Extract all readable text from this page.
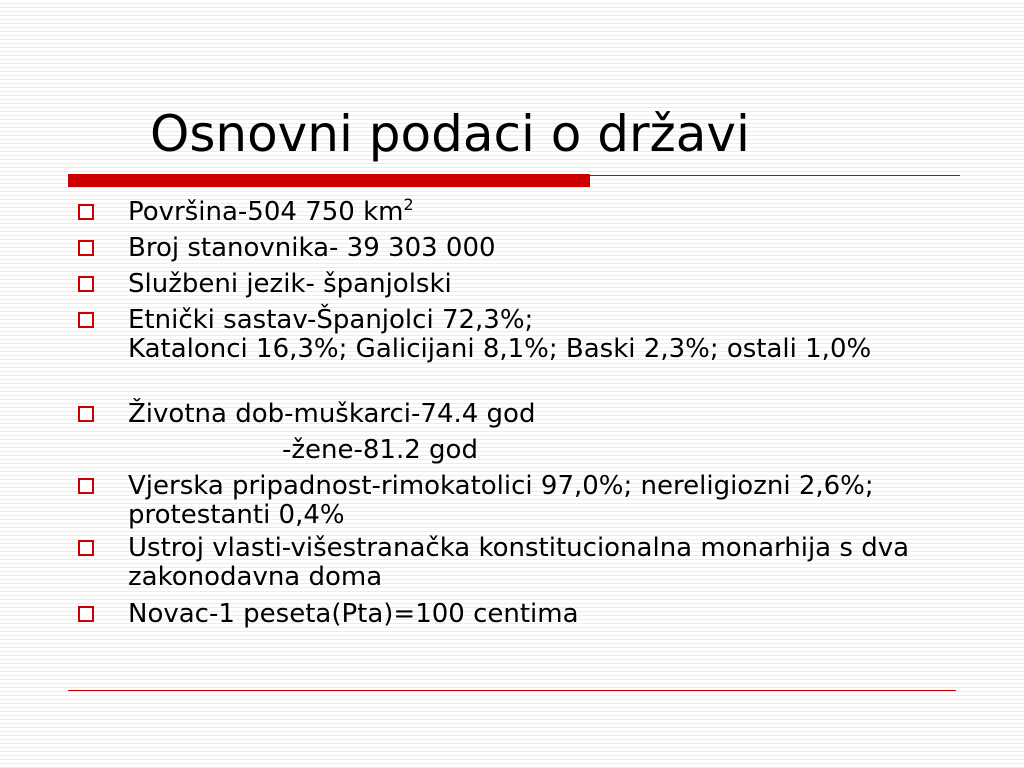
Osnovni podaci o državi
Površina-504 750 $km^2$
Broj stanovnika- 39 303 000
Službeni jezik- španjolski
Etnički sastav-Španjolci 72,3%;
Katalonci 16,3%; Galicijani 8,1%; Baski 2,3%; ostali 1,0%
Životna dob-muškarci-74.4 god
-žene-81.2 god
Vjerska pripadnost-rimokatolici 97,0%; nereligiozni 2,6%; protestanti 0,4%
Ustroj vlasti-višestranačka konstitucionalna monarhija s dva zakonodavna doma
Novac-1 peseta(Pta)=100 centima
